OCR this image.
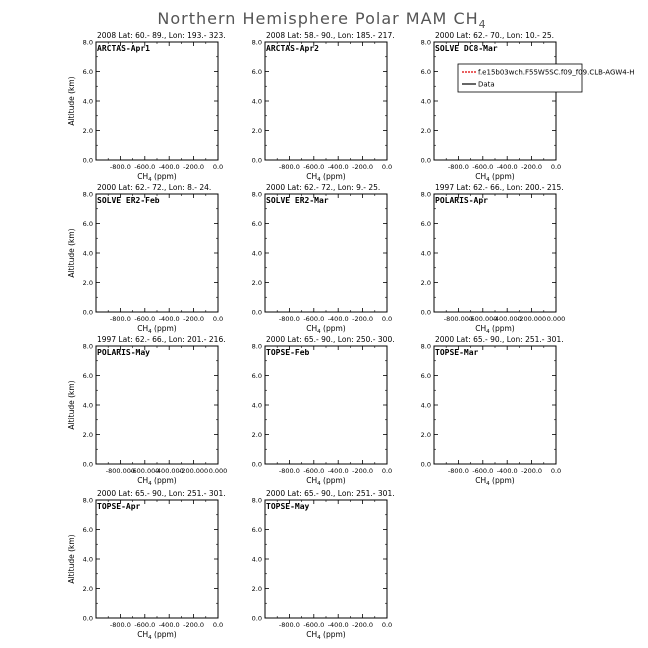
Northern Hemisphere Polar MAM $CH_4$
2008 Lat: 60.- 89., Lon: 193.- 323.
ARCTAS-Apr1
0.0
2.0
4.0
6.0
8.0
-800.0 -600.0 -400.0 -200.0 0.0
$CH_4$ (ppm)
Altitude (km)
2008 Lat: 58.- 90., Lon: 185.- 217.
ARCTAS-Apr2
0.0
2.0
4.0
6.0
8.0
-800.0 -600.0 -400.0 -200.0 0.0
$CH_4$ (ppm)
2000 Lat: 62.- 70., Lon: 10.- 25.
SOLVE DC8-Mar
0.0
2.0
4.0
6.0
8.0
-800.0 -600.0 -400.0 -200.0 0.0
$CH_4$ (ppm)
f.e15b03wch.F55W5SC.f09_f09.CLB-AGW4-H
Data
2000 Lat: 62.- 72., Lon: 8.- 24.
SOLVE ER2-Feb
0.0
2.0
4.0
6.0
8.0
-800.0 -600.0 -400.0 -200.0 0.0
$CH_4$ (ppm)
Altitude (km)
2000 Lat: 62.- 72., Lon: 9.- 25.
SOLVE ER2-Mar
0.0
2.0
4.0
6.0
8.0
-800.0 -600.0 -400.0 -200.0 0.0
$CH_4$ (ppm)
1997 Lat: 62.- 66., Lon: 200.- 215.
POLARIS-Apr
0.0
2.0
4.0
6.0
8.0
-800.000
-600.000
-400.000
-200.000 0.000
$CH_4$ (ppm)
1997 Lat: 62.- 66., Lon: 201.- 216.
POLARIS-May
0.0
2.0
4.0
6.0
8.0
-800.000
-600.000
-400.000
-200.000 0.000
$CH_4$ (ppm)
Altitude (km)
2000 Lat: 65.- 90., Lon: 250.- 300.
TOPSE-Feb
0.0
2.0
4.0
6.0
8.0
-800.0 -600.0 -400.0 -200.0 0.0
$CH_4$ (ppm)
2000 Lat: 65.- 90., Lon: 251.- 301.
TOPSE-Mar
0.0
2.0
4.0
6.0
8.0
-800.0 -600.0 -400.0 -200.0 0.0
$CH_4$ (ppm)
2000 Lat: 65.- 90., Lon: 251.- 301.
TOPSE-Apr
0.0
2.0
4.0
6.0
8.0
-800.0 -600.0 -400.0 -200.0 0.0
$CH_4$ (ppm)
Altitude (km)
2000 Lat: 65.- 90., Lon: 251.- 301.
TOPSE-May
0.0
2.0
4.0
6.0
8.0
-800.0 -600.0 -400.0 -200.0 0.0
$CH_4$ (ppm)
